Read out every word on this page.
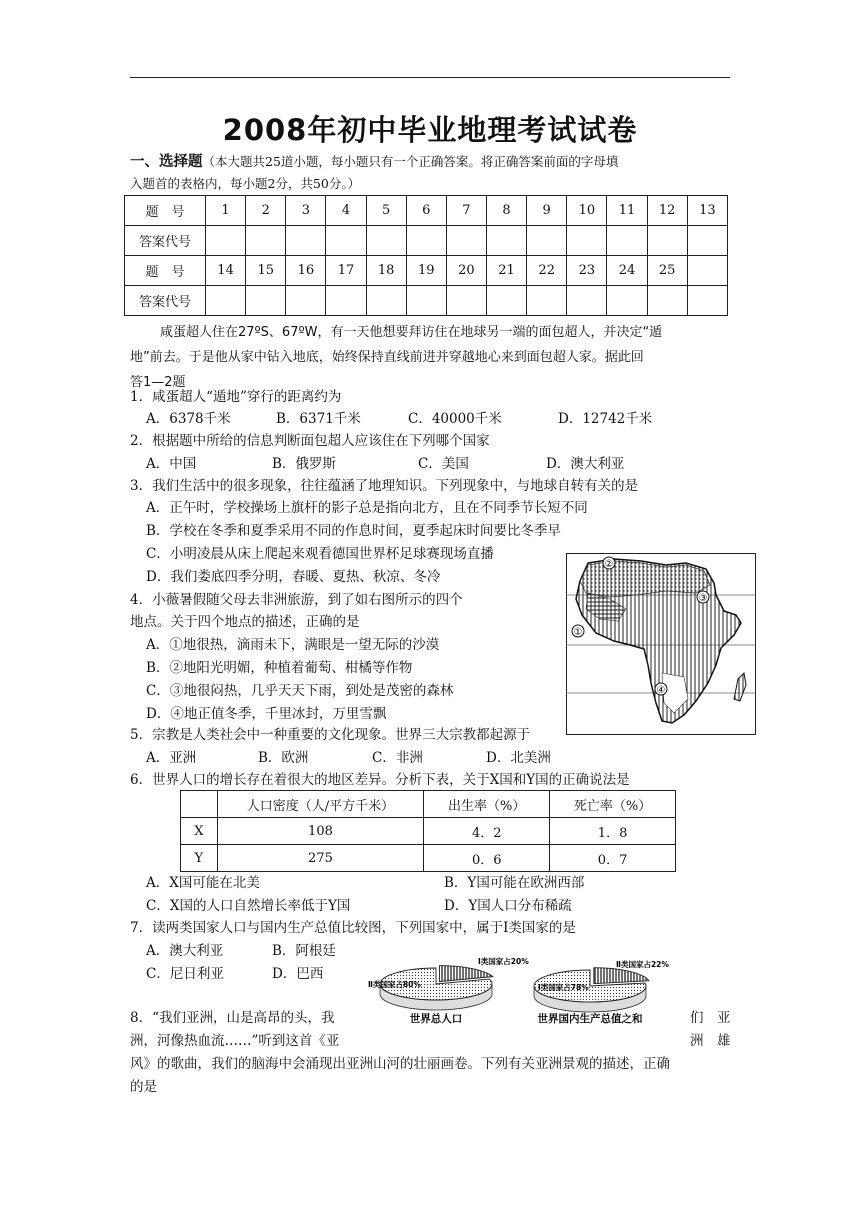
2008年初中毕业地理考试试卷
一、选择题（本大题共25道小题，每小题只有一个正确答案。将正确答案前面的字母填
入题首的表格内，每小题2分，共50分。）
题　号	1	2	3	4	5	6	7	8	9	10	11	12	13
答案代号													
题　号	14	15	16	17	18	19	20	21	22	23	24	25	
答案代号													
咸蛋超人住在27ºS、67ºW，有一天他想要拜访住在地球另一端的面包超人，并决定“遁
地”前去。于是他从家中钻入地底，始终保持直线前进并穿越地心来到面包超人家。据此回
答1—2题
1．咸蛋超人“遁地”穿行的距离约为
A．6378千米	B．6371千米	C．40000千米	D．12742千米
2．根据题中所给的信息判断面包超人应该住在下列哪个国家
A．中国	B．俄罗斯	C．美国	D．澳大利亚
3．我们生活中的很多现象，往往蕴涵了地理知识。下列现象中，与地球自转有关的是
A．正午时，学校操场上旗杆的影子总是指向北方，且在不同季节长短不同
B．学校在冬季和夏季采用不同的作息时间，夏季起床时间要比冬季早
C．小明凌晨从床上爬起来观看德国世界杯足球赛现场直播
D．我们娄底四季分明，春暖、夏热、秋凉、冬冷
4．小薇暑假随父母去非洲旅游，到了如右图所示的四个
地点。关于四个地点的描述，正确的是
A．①地很热，滴雨未下，满眼是一望无际的沙漠
B．②地阳光明媚，种植着葡萄、柑橘等作物
C．③地很闷热，几乎天天下雨，到处是茂密的森林
D．④地正值冬季，千里冰封，万里雪飘
①
②
③
④
5．宗教是人类社会中一种重要的文化现象。世界三大宗教都起源于
A．亚洲	B．欧洲	C．非洲	D．北美洲
6．世界人口的增长存在着很大的地区差异。分析下表，关于X国和Y国的正确说法是
	人口密度（人/平方千米）	出生率（%）	死亡率（%）
X	108	4．2	1．8
Y	275	0．6	0．7
A．X国可能在北美	B．Y国可能在欧洲西部
C．X国的人口自然增长率低于Y国	D．Y国人口分布稀疏
7．读两类国家人口与国内生产总值比较图，下列国家中，属于Ⅰ类国家的是
A．澳大利亚	B．阿根廷
C．尼日利亚	D．巴西
世界总人口	世界国内生产总值之和
Ⅰ类国家占20%
Ⅱ类国家占80%
Ⅱ类国家占22%
Ⅰ类国家占78%
8．“我们亚洲，山是高昂的头，我	们　亚
洲，河像热血流……”听到这首《亚	洲　雄
风》的歌曲，我们的脑海中会涌现出亚洲山河的壮丽画卷。下列有关亚洲景观的描述，正确
的是
